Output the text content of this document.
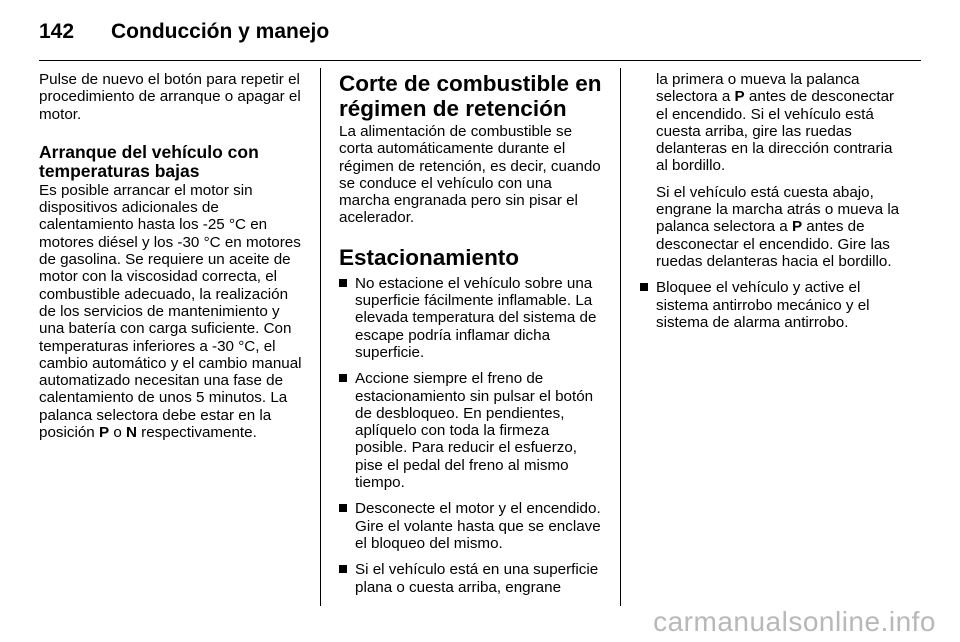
142	Conducción y manejo

Pulse de nuevo el botón para repetir el procedimiento de arranque o apagar el motor.

Arranque del vehículo con temperaturas bajas

Es posible arrancar el motor sin dispositivos adicionales de calentamiento hasta los -25 °C en motores diésel y los -30 °C en motores de gasolina. Se requiere un aceite de motor con la viscosidad correcta, el combustible adecuado, la realización de los servicios de mantenimiento y una batería con carga suficiente. Con temperaturas inferiores a -30 °C, el cambio automático y el cambio manual automatizado necesitan una fase de calentamiento de unos 5 minutos. La palanca selectora debe estar en la posición P o N respectivamente.

Corte de combustible en régimen de retención

La alimentación de combustible se corta automáticamente durante el régimen de retención, es decir, cuando se conduce el vehículo con una marcha engranada pero sin pisar el acelerador.

Estacionamiento
No estacione el vehículo sobre una superficie fácilmente inflamable. La elevada temperatura del sistema de escape podría inflamar dicha superficie.
Accione siempre el freno de estacionamiento sin pulsar el botón de desbloqueo. En pendientes, aplíquelo con toda la firmeza posible. Para reducir el esfuerzo, pise el pedal del freno al mismo tiempo.
Desconecte el motor y el encendido. Gire el volante hasta que se enclave el bloqueo del mismo.
Si el vehículo está en una superficie plana o cuesta arriba, engrane

la primera o mueva la palanca selectora a P antes de desconectar el encendido. Si el vehículo está cuesta arriba, gire las ruedas delanteras en la dirección contraria al bordillo.

Si el vehículo está cuesta abajo, engrane la marcha atrás o mueva la palanca selectora a P antes de desconectar el encendido. Gire las ruedas delanteras hacia el bordillo.

Bloquee el vehículo y active el sistema antirrobo mecánico y el sistema de alarma antirrobo.
carmanualsonline.info
